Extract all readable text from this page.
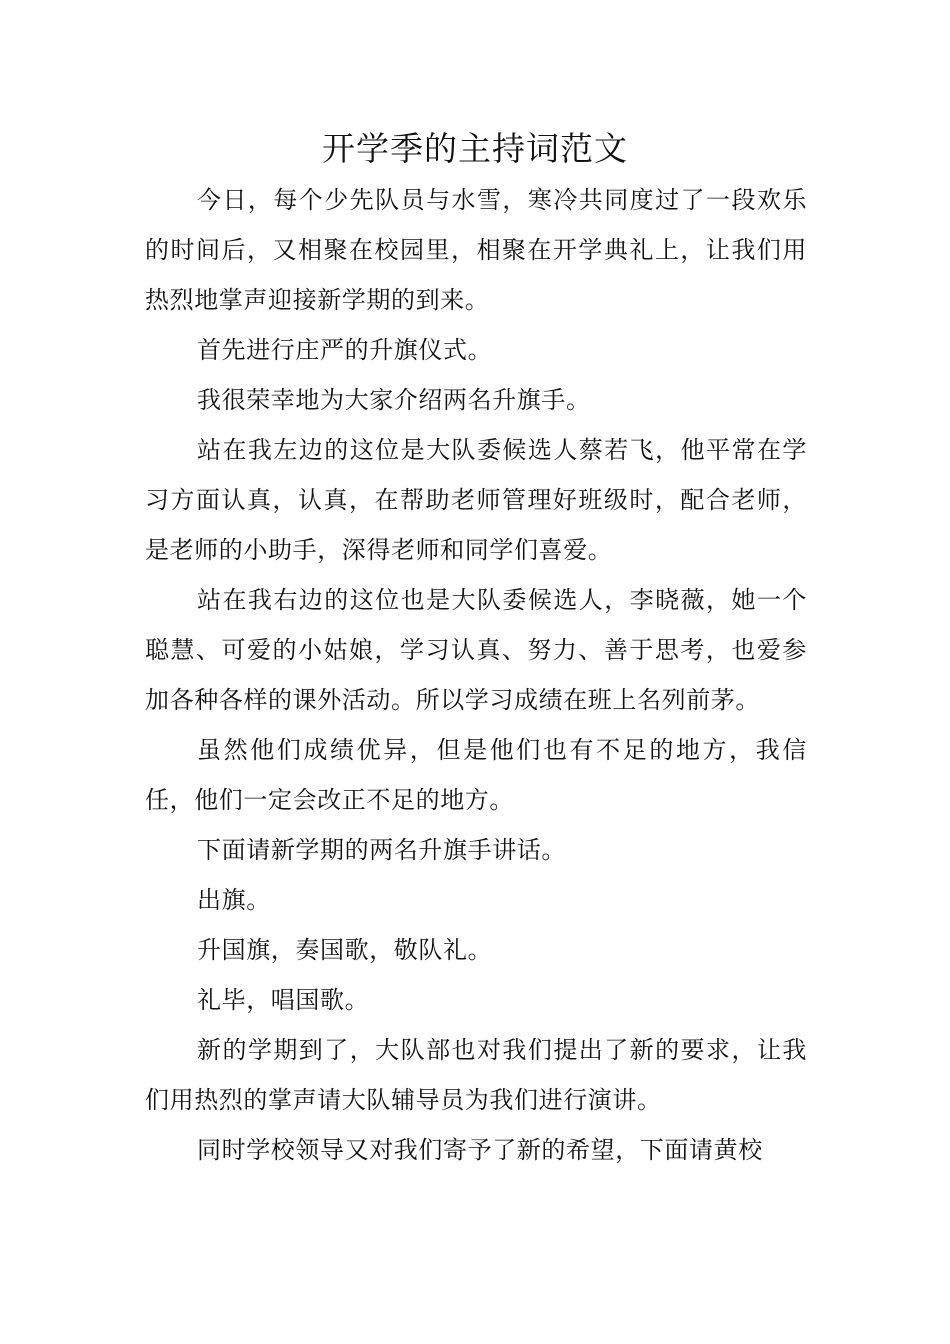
开学季的主持词范文

今日，每个少先队员与水雪，寒冷共同度过了一段欢乐的时间后，又相聚在校园里，相聚在开学典礼上，让我们用热烈地掌声迎接新学期的到来。

首先进行庄严的升旗仪式。

我很荣幸地为大家介绍两名升旗手。

站在我左边的这位是大队委候选人蔡若飞，他平常在学习方面认真，认真，在帮助老师管理好班级时，配合老师，是老师的小助手，深得老师和同学们喜爱。

站在我右边的这位也是大队委候选人，李晓薇，她一个聪慧、可爱的小姑娘，学习认真、努力、善于思考，也爱参加各种各样的课外活动。所以学习成绩在班上名列前茅。

虽然他们成绩优异，但是他们也有不足的地方，我信任，他们一定会改正不足的地方。

下面请新学期的两名升旗手讲话。

出旗。

升国旗，奏国歌，敬队礼。

礼毕，唱国歌。

新的学期到了，大队部也对我们提出了新的要求，让我们用热烈的掌声请大队辅导员为我们进行演讲。

同时学校领导又对我们寄予了新的希望，下面请黄校
